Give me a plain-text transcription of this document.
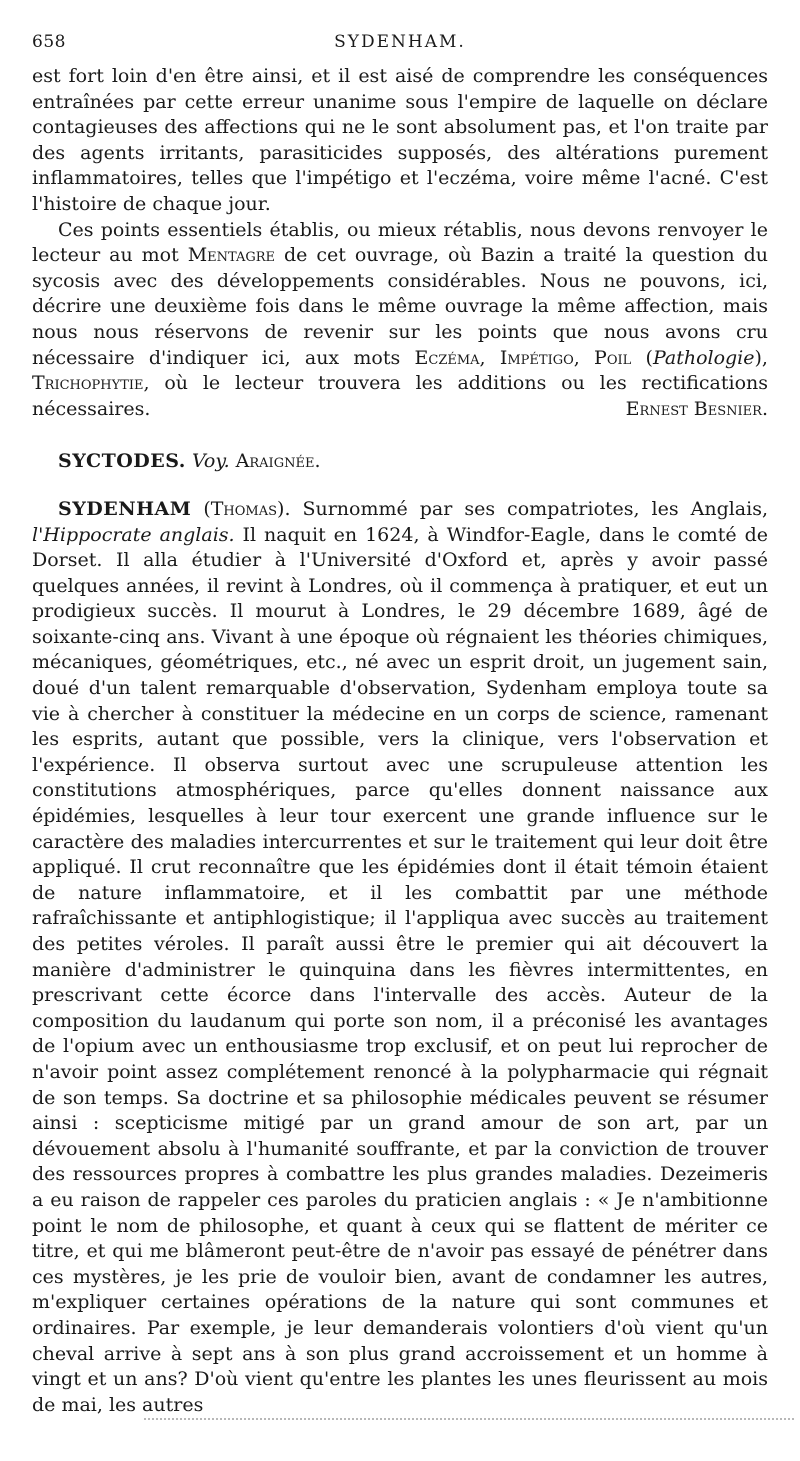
658	SYDENHAM.

est fort loin d'en être ainsi, et il est aisé de comprendre les conséquences entraînées par cette erreur unanime sous l'empire de laquelle on déclare contagieuses des affections qui ne le sont absolument pas, et l'on traite par des agents irritants, parasiticides supposés, des altérations purement inflammatoires, telles que l'impétigo et l'eczéma, voire même l'acné. C'est l'histoire de chaque jour.

Ces points essentiels établis, ou mieux rétablis, nous devons renvoyer le lecteur au mot Mentagre de cet ouvrage, où Bazin a traité la question du sycosis avec des développements considérables. Nous ne pouvons, ici, décrire une deuxième fois dans le même ouvrage la même affection, mais nous nous réservons de revenir sur les points que nous avons cru nécessaire d'indiquer ici, aux mots Eczéma, Impétigo, Poil (Pathologie), Trichophytie, où le lecteur trouvera les additions ou les rectifications nécessaires.	Ernest Besnier.

SYCTODES. Voy. Araignée.

SYDENHAM (Thomas). Surnommé par ses compatriotes, les Anglais, l'Hippocrate anglais. Il naquit en 1624, à Windfor-Eagle, dans le comté de Dorset. Il alla étudier à l'Université d'Oxford et, après y avoir passé quelques années, il revint à Londres, où il commença à pratiquer, et eut un prodigieux succès. Il mourut à Londres, le 29 décembre 1689, âgé de soixante-cinq ans. Vivant à une époque où régnaient les théories chimiques, mécaniques, géométriques, etc., né avec un esprit droit, un jugement sain, doué d'un talent remarquable d'observation, Sydenham employa toute sa vie à chercher à constituer la médecine en un corps de science, ramenant les esprits, autant que possible, vers la clinique, vers l'observation et l'expérience. Il observa surtout avec une scrupuleuse attention les constitutions atmosphériques, parce qu'elles donnent naissance aux épidémies, lesquelles à leur tour exercent une grande influence sur le caractère des maladies intercurrentes et sur le traitement qui leur doit être appliqué. Il crut reconnaître que les épidémies dont il était témoin étaient de nature inflammatoire, et il les combattit par une méthode rafraîchissante et antiphlogistique; il l'appliqua avec succès au traitement des petites véroles. Il paraît aussi être le premier qui ait découvert la manière d'administrer le quinquina dans les fièvres intermittentes, en prescrivant cette écorce dans l'intervalle des accès. Auteur de la composition du laudanum qui porte son nom, il a préconisé les avantages de l'opium avec un enthousiasme trop exclusif, et on peut lui reprocher de n'avoir point assez complétement renoncé à la polypharmacie qui régnait de son temps. Sa doctrine et sa philosophie médicales peuvent se résumer ainsi : scepticisme mitigé par un grand amour de son art, par un dévouement absolu à l'humanité souffrante, et par la conviction de trouver des ressources propres à combattre les plus grandes maladies. Dezeimeris a eu raison de rappeler ces paroles du praticien anglais : « Je n'ambitionne point le nom de philosophe, et quant à ceux qui se flattent de mériter ce titre, et qui me blâmeront peut-être de n'avoir pas essayé de pénétrer dans ces mystères, je les prie de vouloir bien, avant de condamner les autres, m'expliquer certaines opérations de la nature qui sont communes et ordinaires. Par exemple, je leur demanderais volontiers d'où vient qu'un cheval arrive à sept ans à son plus grand accroissement et un homme à vingt et un ans? D'où vient qu'entre les plantes les unes fleurissent au mois de mai, les autres
